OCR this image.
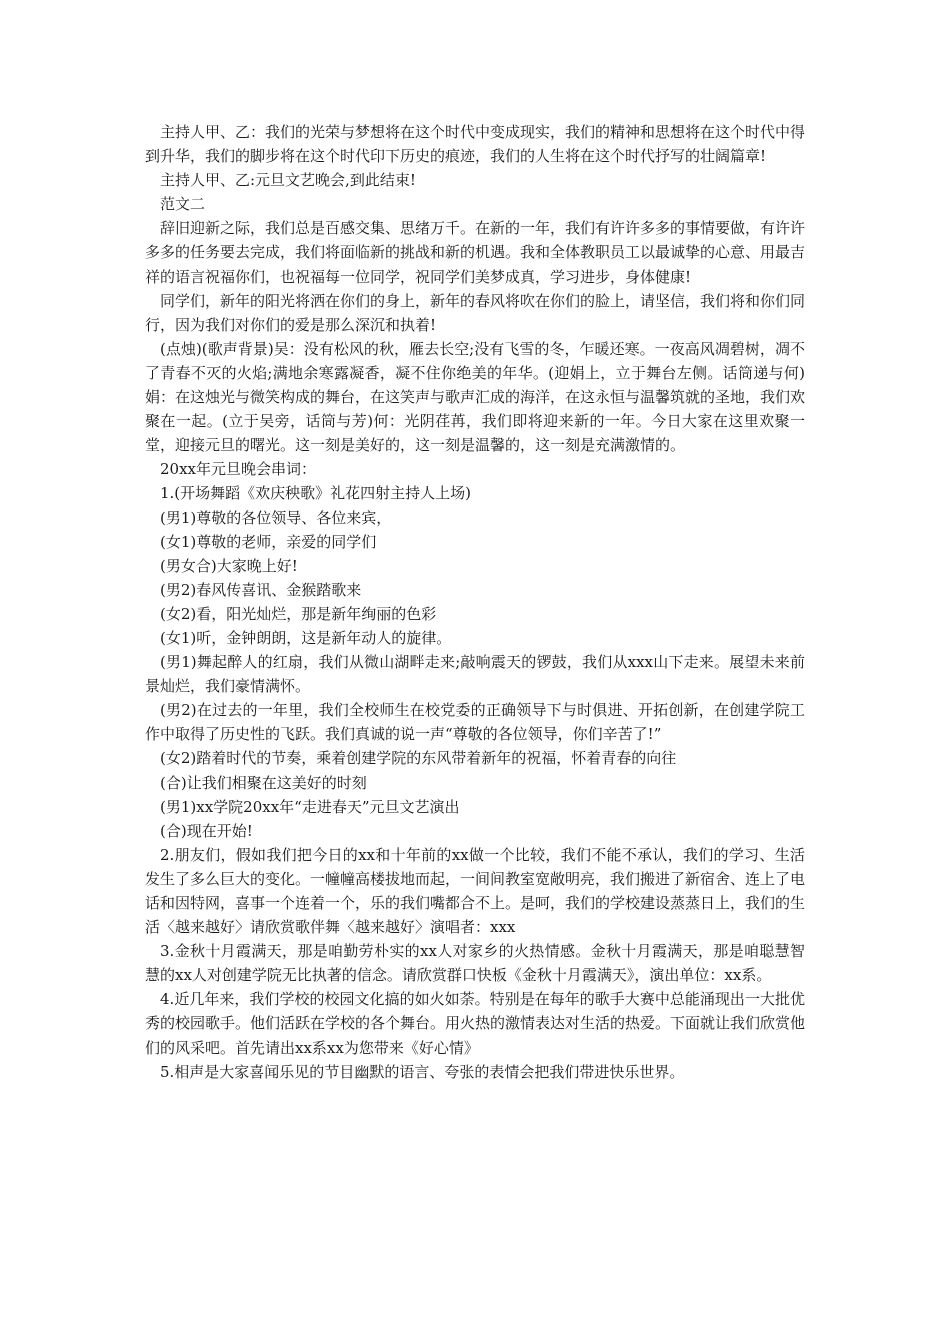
主持人甲、乙：我们的光荣与梦想将在这个时代中变成现实，我们的精神和思想将在这个时代中得到升华，我们的脚步将在这个时代印下历史的痕迹，我们的人生将在这个时代抒写的壮阔篇章!

主持人甲、乙:元旦文艺晚会,到此结束!

范文二

辞旧迎新之际，我们总是百感交集、思绪万千。在新的一年，我们有许许多多的事情要做，有许许多多的任务要去完成，我们将面临新的挑战和新的机遇。我和全体教职员工以最诚挚的心意、用最吉祥的语言祝福你们，也祝福每一位同学，祝同学们美梦成真，学习进步，身体健康!

同学们，新年的阳光将洒在你们的身上，新年的春风将吹在你们的脸上，请坚信，我们将和你们同行，因为我们对你们的爱是那么深沉和执着!

(点烛)(歌声背景)吴：没有松风的秋，雁去长空;没有飞雪的冬，乍暖还寒。一夜高风凋碧树，凋不了青春不灭的火焰;满地余寒露凝香，凝不住你绝美的年华。(迎娟上，立于舞台左侧。话筒递与何)娟：在这烛光与微笑构成的舞台，在这笑声与歌声汇成的海洋，在这永恒与温馨筑就的圣地，我们欢聚在一起。(立于吴旁，话筒与芳)何：光阴荏苒，我们即将迎来新的一年。今日大家在这里欢聚一堂，迎接元旦的曙光。这一刻是美好的，这一刻是温馨的，这一刻是充满激情的。

20xx年元旦晚会串词：

1.(开场舞蹈《欢庆秧歌》礼花四射主持人上场)

(男1)尊敬的各位领导、各位来宾，

(女1)尊敬的老师，亲爱的同学们

(男女合)大家晚上好!

(男2)春风传喜讯、金猴踏歌来

(女2)看，阳光灿烂，那是新年绚丽的色彩

(女1)听，金钟朗朗，这是新年动人的旋律。

(男1)舞起醉人的红扇，我们从微山湖畔走来;敲响震天的锣鼓，我们从xxx山下走来。展望未来前景灿烂，我们豪情满怀。

(男2)在过去的一年里，我们全校师生在校党委的正确领导下与时俱进、开拓创新，在创建学院工作中取得了历史性的飞跃。我们真诚的说一声“尊敬的各位领导，你们辛苦了!”

(女2)踏着时代的节奏，乘着创建学院的东风带着新年的祝福，怀着青春的向往

(合)让我们相聚在这美好的时刻

(男1)xx学院20xx年“走进春天”元旦文艺演出

(合)现在开始!

2.朋友们，假如我们把今日的xx和十年前的xx做一个比较，我们不能不承认，我们的学习、生活发生了多么巨大的变化。一幢幢高楼拔地而起，一间间教室宽敞明亮，我们搬进了新宿舍、连上了电话和因特网，喜事一个连着一个，乐的我们嘴都合不上。是呵，我们的学校建设蒸蒸日上，我们的生活〈越来越好〉请欣赏歌伴舞〈越来越好〉演唱者：xxx

3.金秋十月霞满天，那是咱勤劳朴实的xx人对家乡的火热情感。金秋十月霞满天，那是咱聪慧智慧的xx人对创建学院无比执著的信念。请欣赏群口快板《金秋十月霞满天》，演出单位：xx系。

4.近几年来，我们学校的校园文化搞的如火如荼。特别是在每年的歌手大赛中总能涌现出一大批优秀的校园歌手。他们活跃在学校的各个舞台。用火热的激情表达对生活的热爱。下面就让我们欣赏他们的风采吧。首先请出xx系xx为您带来《好心情》

5.相声是大家喜闻乐见的节目幽默的语言、夸张的表情会把我们带进快乐世界。
